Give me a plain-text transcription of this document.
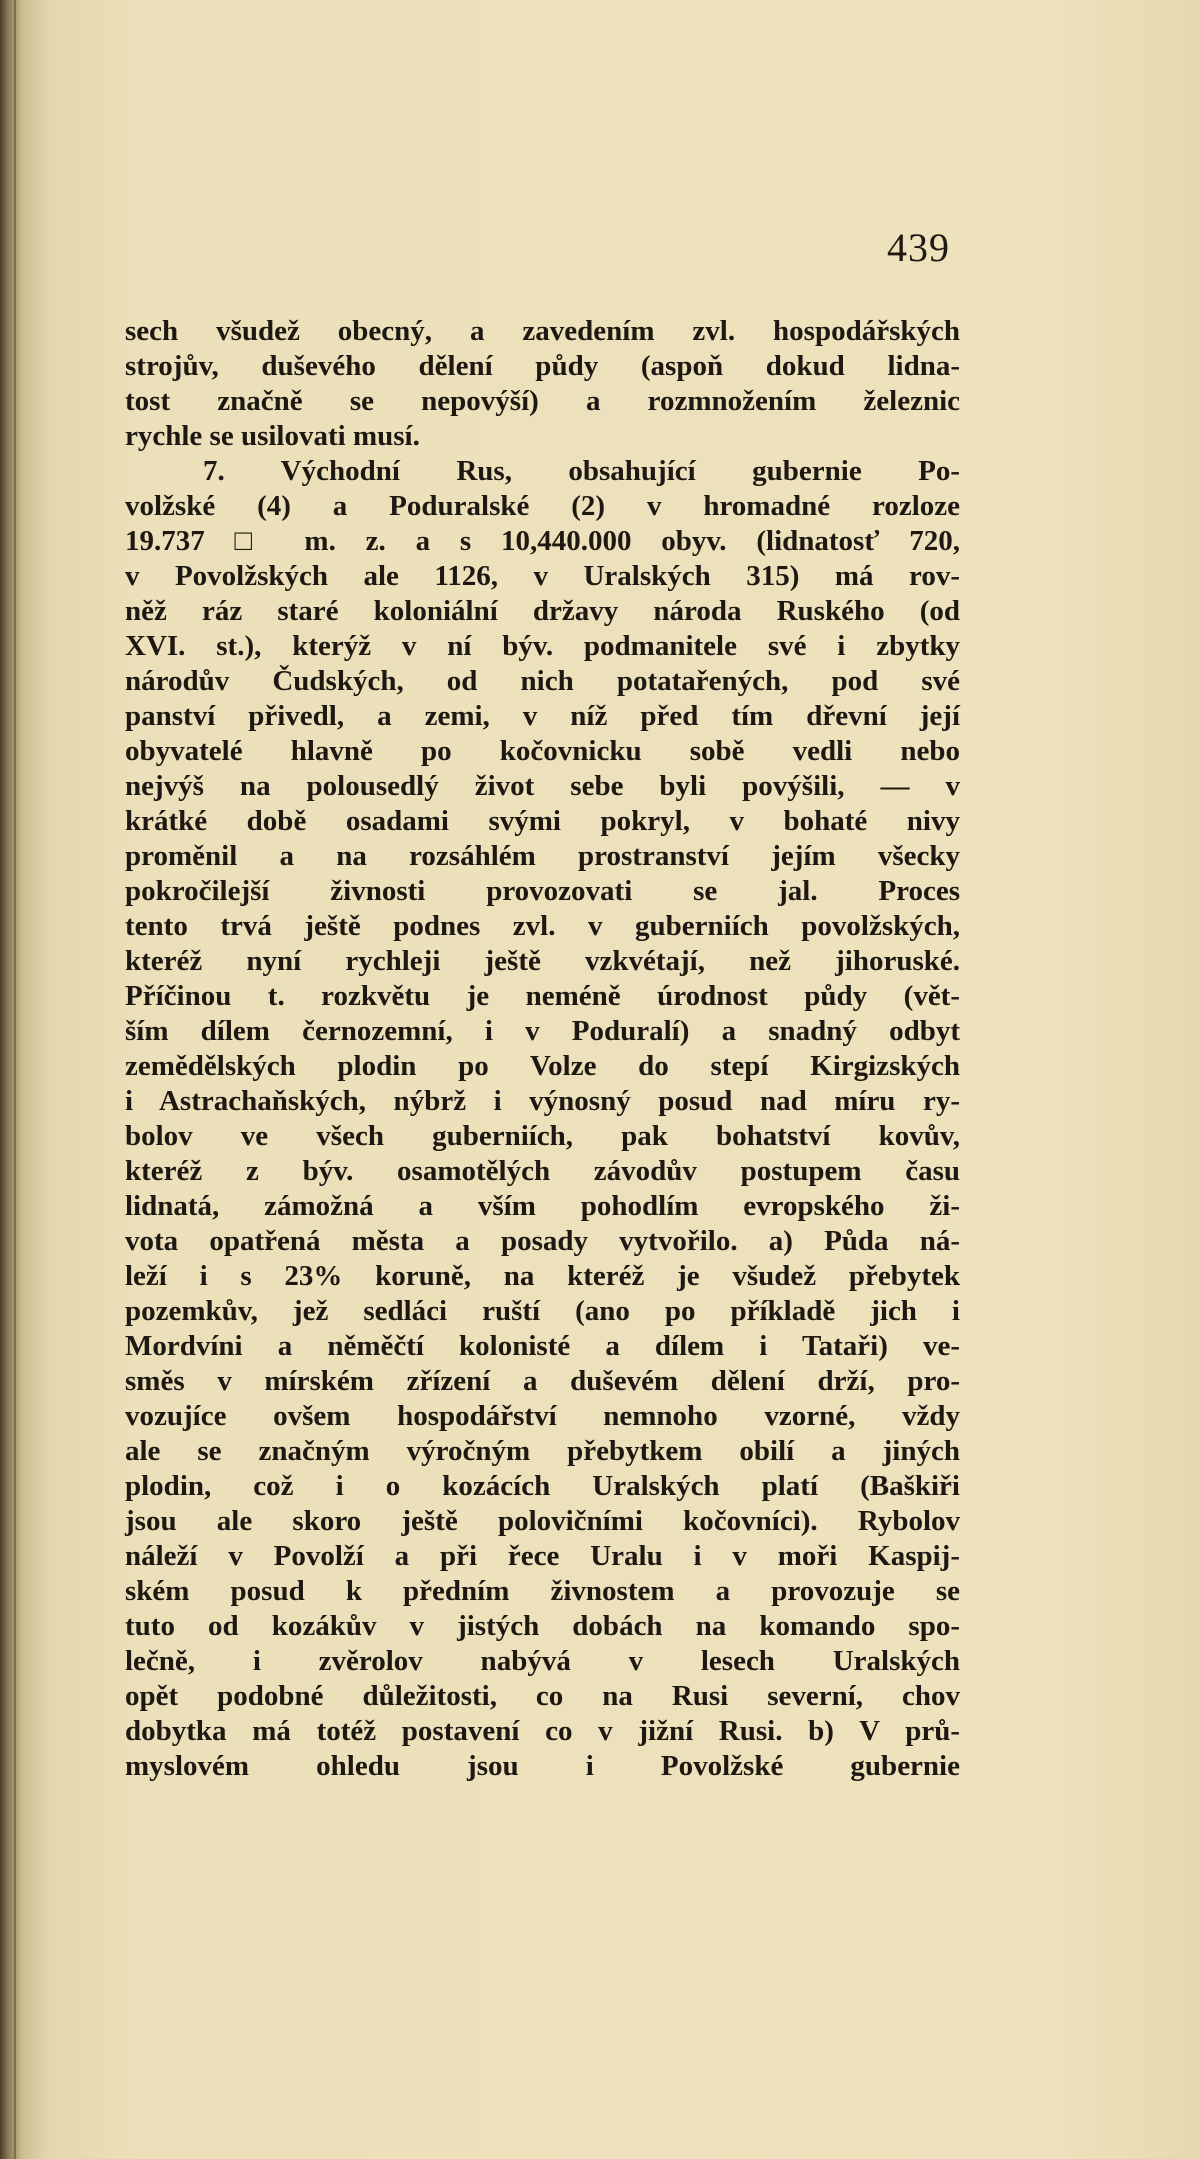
439
sech všudež obecný, a zavedením zvl. hospodářských
strojův, duševého dělení půdy (aspoň dokud lidna-
tost značně se nepovýší) a rozmnožením železnic
rychle se usilovati musí.
7. Východní Rus, obsahující gubernie Po-
volžské (4) a Poduralské (2) v hromadné rozloze
19.737 □ m. z. a s 10,440.000 obyv. (lidnatosť 720,
v Povolžských ale 1126, v Uralských 315) má rov-
něž ráz staré koloniální državy národa Ruského (od
XVI. st.), kterýž v ní býv. podmanitele své i zbytky
národův Čudských, od nich potatařených, pod své
panství přivedl, a zemi, v níž před tím dřevní její
obyvatelé hlavně po kočovnicku sobě vedli nebo
nejvýš na polousedlý život sebe byli povýšili, — v
krátké době osadami svými pokryl, v bohaté nivy
proměnil a na rozsáhlém prostranství jejím všecky
pokročilejší živnosti provozovati se jal. Proces
tento trvá ještě podnes zvl. v guberniích povolžských,
kteréž nyní rychleji ještě vzkvétají, než jihoruské.
Příčinou t. rozkvětu je neméně úrodnost půdy (vět-
ším dílem černozemní, i v Poduralí) a snadný odbyt
zemědělských plodin po Volze do stepí Kirgizských
i Astrachaňských, nýbrž i výnosný posud nad míru ry-
bolov ve všech guberniích, pak bohatství kovův,
kteréž z býv. osamotělých závodův postupem času
lidnatá, zámožná a vším pohodlím evropského ži-
vota opatřená města a posady vytvořilo. a) Půda ná-
leží i s 23% koruně, na kteréž je všudež přebytek
pozemkův, jež sedláci ruští (ano po příkladě jich i
Mordvíni a něměčtí kolonisté a dílem i Tataři) ve-
směs v mírském zřízení a duševém dělení drží, pro-
vozujíce ovšem hospodářství nemnoho vzorné, vždy
ale se značným výročným přebytkem obilí a jiných
plodin, což i o kozácích Uralských platí (Baškiři
jsou ale skoro ještě polovičními kočovníci). Rybolov
náleží v Povolží a při řece Uralu i v moři Kaspij-
ském posud k předním živnostem a provozuje se
tuto od kozákův v jistých dobách na komando spo-
lečně, i zvěrolov nabývá v lesech Uralských
opět podobné důležitosti, co na Rusi severní, chov
dobytka má totéž postavení co v jižní Rusi. b) V prů-
myslovém ohledu jsou i Povolžské gubernie
